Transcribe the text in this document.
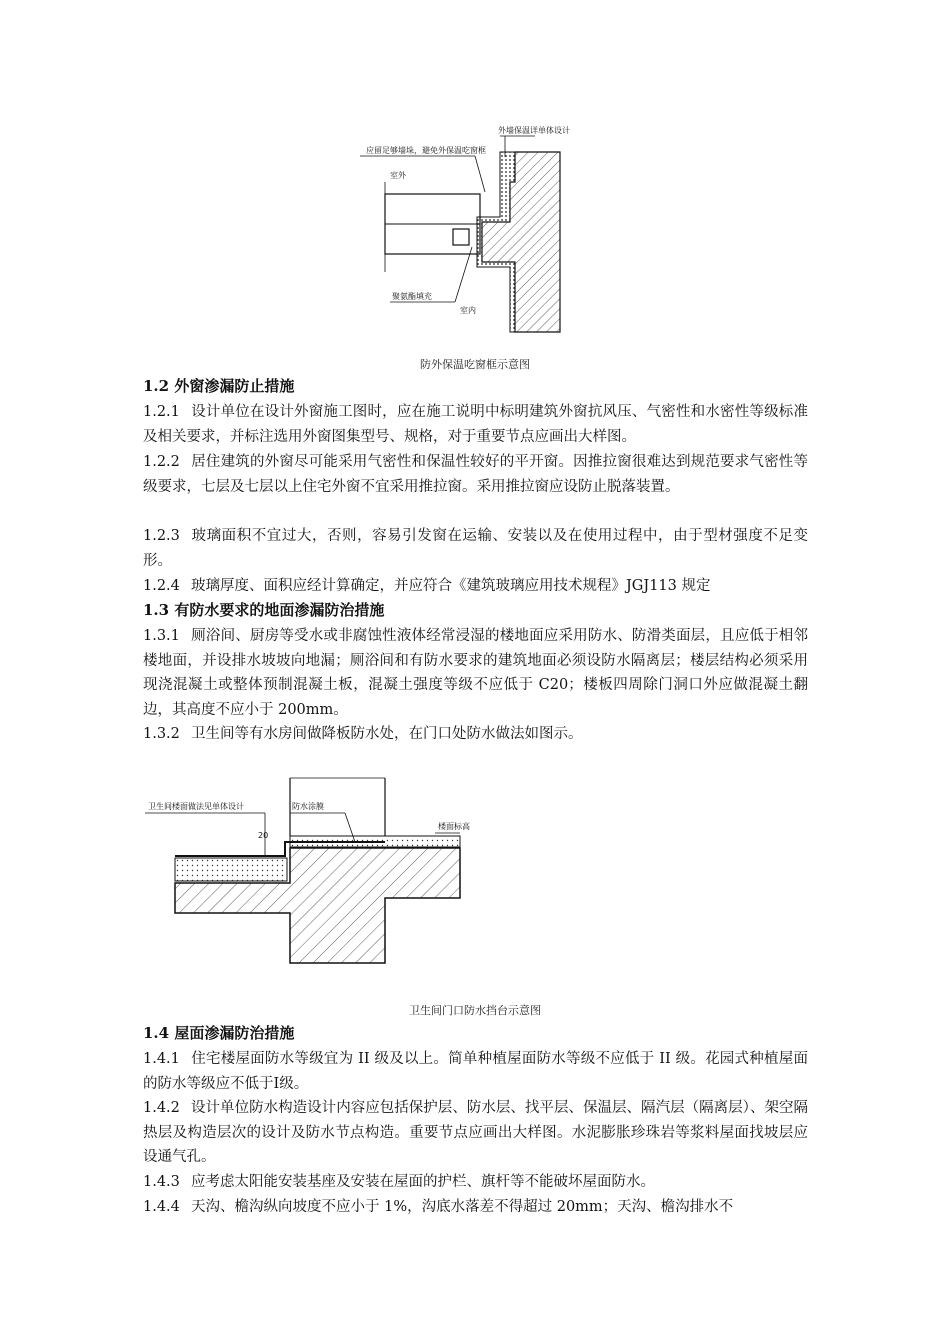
外墙保温详单体设计
应留足够墙垛，避免外保温吃窗框
室外
聚氨酯填充
室内
防外保温吃窗框示意图
1.2 外窗渗漏防止措施
1.2.1 设计单位在设计外窗施工图时，应在施工说明中标明建筑外窗抗风压、气密性和水密性等级标准及相关要求，并标注选用外窗图集型号、规格，对于重要节点应画出大样图。
1.2.2 居住建筑的外窗尽可能采用气密性和保温性较好的平开窗。因推拉窗很难达到规范要求气密性等级要求，七层及七层以上住宅外窗不宜采用推拉窗。采用推拉窗应设防止脱落装置。
1.2.3 玻璃面积不宜过大，否则，容易引发窗在运输、安装以及在使用过程中，由于型材强度不足变形。
1.2.4 玻璃厚度、面积应经计算确定，并应符合《建筑玻璃应用技术规程》JGJ113 规定
1.3 有防水要求的地面渗漏防治措施
1.3.1 厕浴间、厨房等受水或非腐蚀性液体经常浸湿的楼地面应采用防水、防滑类面层，且应低于相邻楼地面，并设排水坡坡向地漏；厕浴间和有防水要求的建筑地面必须设防水隔离层；楼层结构必须采用现浇混凝土或整体预制混凝土板，混凝土强度等级不应低于 C20；楼板四周除门洞口外应做混凝土翻边，其高度不应小于 200mm。
1.3.2 卫生间等有水房间做降板防水处，在门口处防水做法如图示。
卫生间楼面做法见单体设计	防水涂膜
楼面标高
20
卫生间门口防水挡台示意图
1.4 屋面渗漏防治措施
1.4.1 住宅楼屋面防水等级宜为 II 级及以上。简单种植屋面防水等级不应低于 II 级。花园式种植屋面的防水等级应不低于Ⅰ级。
1.4.2 设计单位防水构造设计内容应包括保护层、防水层、找平层、保温层、隔汽层（隔离层）、架空隔热层及构造层次的设计及防水节点构造。重要节点应画出大样图。水泥膨胀珍珠岩等浆料屋面找坡层应设通气孔。
1.4.3 应考虑太阳能安装基座及安装在屋面的护栏、旗杆等不能破坏屋面防水。
1.4.4 天沟、檐沟纵向坡度不应小于 1%，沟底水落差不得超过 20mm；天沟、檐沟排水不
